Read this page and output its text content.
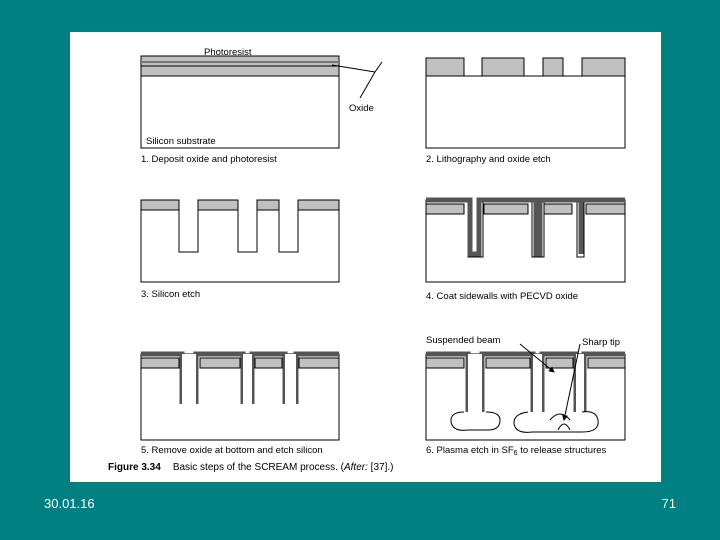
Photoresist
Oxide
Silicon substrate
1. Deposit oxide and photoresist	2. Lithography and oxide etch
3. Silicon etch	4. Coat sidewalls with PECVD oxide
5. Remove oxide at bottom and etch silicon
Suspended beam	Sharp tip
6. Plasma etch in $SF_6$ to release structures
Figure 3.34 Basic steps of the SCREAM process. (After: [37].)
30.01.16	71
